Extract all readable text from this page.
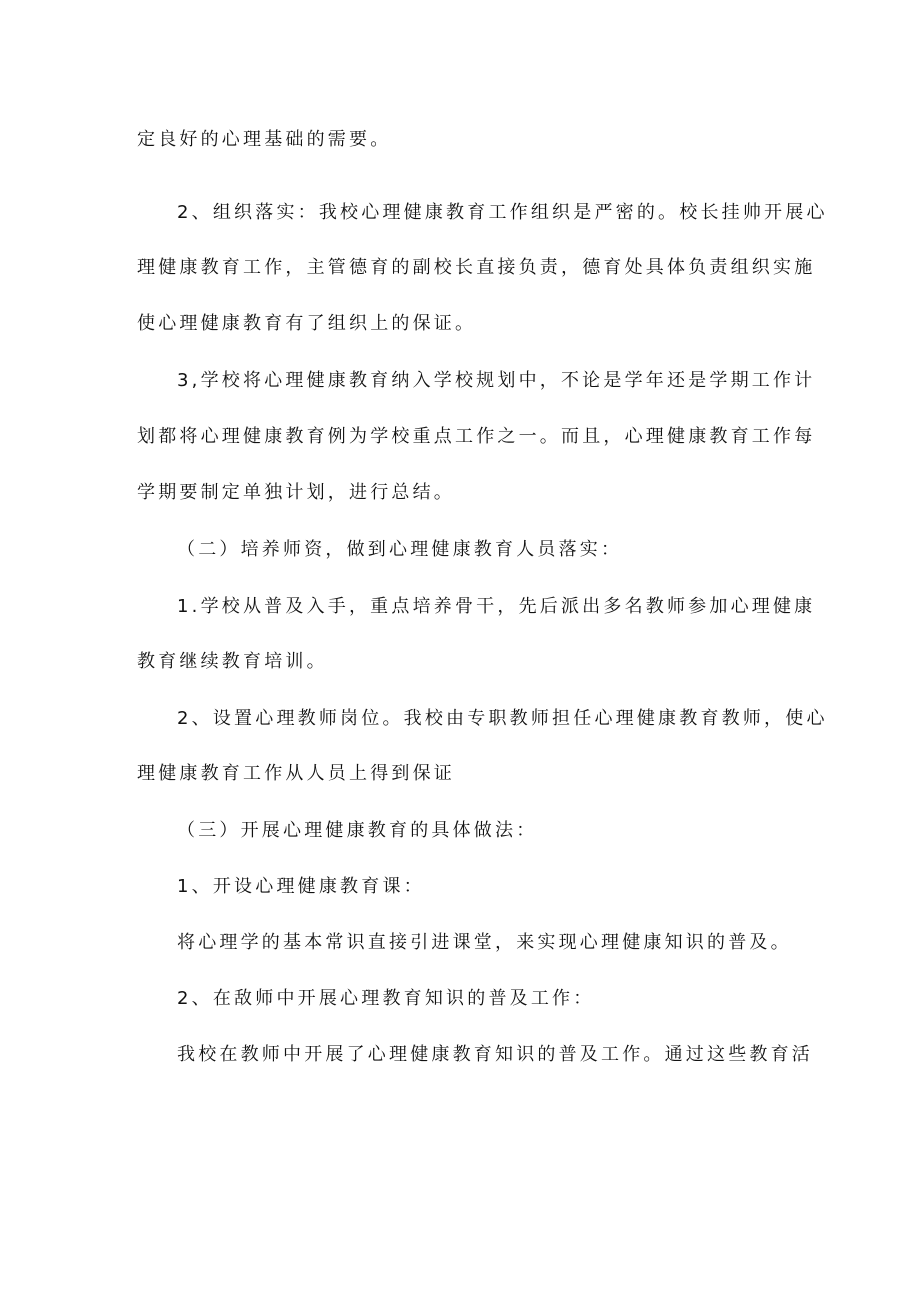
定良好的心理基础的需要。
2、组织落实：我校心理健康教育工作组织是严密的。校长挂帅开展心
理健康教育工作，主管德育的副校长直接负责，德育处具体负责组织实施
使心理健康教育有了组织上的保证。
3,学校将心理健康教育纳入学校规划中，不论是学年还是学期工作计
划都将心理健康教育例为学校重点工作之一。而且，心理健康教育工作每
学期要制定单独计划，进行总结。
（二）培养师资，做到心理健康教育人员落实：
1.学校从普及入手，重点培养骨干，先后派出多名教师参加心理健康
教育继续教育培训。
2、设置心理教师岗位。我校由专职教师担任心理健康教育教师，使心
理健康教育工作从人员上得到保证
（三）开展心理健康教育的具体做法：
1、开设心理健康教育课：
将心理学的基本常识直接引进课堂，来实现心理健康知识的普及。
2、在敌师中开展心理教育知识的普及工作：
我校在教师中开展了心理健康教育知识的普及工作。通过这些教育活
